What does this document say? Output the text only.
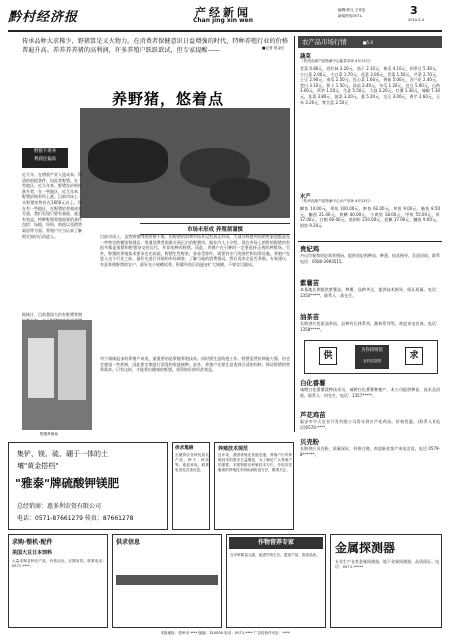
黔村经济报	产经新闻
Chan jing xin wen
编辑/曾凡 王家忠
新闻热线0571-	3
2010.5.4
传承品种大求稀少，野猪算是又火物力。在消费者保健意识日益增强的时代，特种养殖行业的价格普遍升高。养养养养猪的高利润，许多养殖户跃跃欲试，但专家提醒——	■记者 曾金红
养野猪，悠着点
野猪不难养
利润还偏高
近几年，在增收产业入选成本、保质的前提条件，因此养野猪。在一些地区，近几年来，野猪在价格连涨升势，在一些地区，近几年来，野猪价格有所上涨。目前市场上一头野猪的售价在1000元以上。现在有一些地区，在野猪的养殖成本方面，我们发现只要有基础，就会有效益。特种野猪养殖需要的条件包括：场地、饲料、防疫以及销售渠道等方面。养殖户应当认真了解相关知识后再进入。
据统计，目前我国大约有野猪养殖
野猪养殖场
市场未形成 养殖须谨慎
目前市场上，虽然野猪肉的价格不低，但野猪的消费市场并没有真正形成。大部分野猪肉的销售渠道都是在一些特定的餐馆和酒店，普通消费者很难买到正宗的野猪肉。据业内人士介绍，现在市场上销售的野猪肉有很多都是家猪和野猪杂交的后代，并非纯种的野猪。因此，养殖户在引种时一定要选择正规的种猪场。另外，野猪的养殖技术要求也比较高，野猪生性野蛮，容易受惊吓，需要有专门的围栏和饲养设施。养殖户在进入这个行业之前，最好先进行详细的市场调查，了解当地的消费情况，然后再决定是否养殖。专家建议，有意养殖野猪的农户，最好先小规模试养，积累经验后再逐步扩大规模，不要盲目跟风。
对于刚刚起步的养殖户来说，最重要的是掌握养殖技术，同时要注意防疫工作。野猪虽然抗病能力强，但也会感染一些疾病，因此要定期进行消毒和免疫接种。此外，养殖户还要注意选择合适的饲料，保证野猪的营养需求。只有这样，才能养出健康的野猪，获得较好的经济效益。
农产品市场行情	■5.4
蔬菜
（杭州农副产品物流中心蔬菜市场 4月13日）
青菜 0.80元，西红柿 3.20元，茄子 2.10元，黄瓜 4.10元，四季豆 5.30元，小白菜 2.00元，大白菜 1.70元，花菜 3.00元，青菜 1.50元，芹菜 2.70元，土豆 2.90元，南瓜 2.50元，包心菜 1.60元，香菇 5.00元，西兰花 2.40元，茭白 3.10元，萝卜 1.50元，蒜苗 2.40元，冬瓜 1.20元，豇豆 5.00元，山药 3.00元，莴笋 1.50元，生姜 5.50元，大蒜 3.20元，红薯 1.30元，辣椒 7.30元，韭菜 3.80元，菠菜 3.20元，葱 5.20元，毛豆 3.00元，香芋 2.60元，玉米 3.20元，紫甘蓝 2.50元
水产
（杭州农副产品物流中心水产市场 4月13日）
鲫鱼 14.00元，带鱼 100.00元，鲈鱼 62.00元，草鱼 9.00元，鲢鱼 8.50元，鳊鱼 21.00元，黄鳝 40.00元，小黄鱼 18.00元，甲鱼 55.00元，虾 37.00元，白鲳 60.00元，基围虾 210.00元，泥鳅 17.00元，鳙鱼 9.00元，银鱼 9.20元
贵妃鸡
丹山市春和贵妃鸡养殖场，提供贵妃鸡种苗、种蛋，技术指导，负责回收。联系电话：0580-2993515。
紫薯苗
本基地长期提供紫薯苗、种薯，品种齐全，提供技术指导，保证质量。电话：1350*****，联系人：蒋先生。
油茶苗
长期供应优质油茶苗，品种有长林系列，湘林系列等。欢迎来电咨询。电话：1358*****。
供
为你找财富
农村信息网	求
白化番薯
诚聘白化番薯栽种技术员，诚聘白化番薯种植户，本公司提供种苗，技术及回收，联系人：何先生，电话：1357*****。
芦花鸡苗
临安市中天农业开发有限公司常年供应芦花鸡苗，价格优惠。(联系人)(电话)0570-****。
贝壳粉
长期供应贝壳粉，质量保证，价格合理，欢迎新老客户来电洽谈。电话 0579-8******。
集铲、镁、硫、硼于一体的土
壤"黄金搭档"
"雅泰"牌硫酸钾镁肥
总经销商：惠多利农资有限公司
电话：0571-87661279 传真：87661278
供求集锦
长期供应各种优质农产品，种子，种苗等。欢迎来电。联系电话见各条信息。
养殖技术规范
近年来，我国养殖业发展迅速，养殖户们对养殖技术的需求日益增加，为了满足广大养殖户的需要，本报特推出养殖技术专栏，介绍各类畜禽的养殖技术和疾病防治方法，敬请关注。
求购·整机·配件
美国大豆日本饲料
大量求购各种农产品，价格从优，长期有效。联系电话：0571-****。
供求信息	作物营养专家
含多种微量元素，促进作物生长，提高产量，改善品质。	金属探测器
专业生产各类金属探测器，地下金属探测器，品质保证。电话：0571-*****
本报地址：杭州市 **** 邮编：310000 电话：0571-**** 广告经营许可证：****
